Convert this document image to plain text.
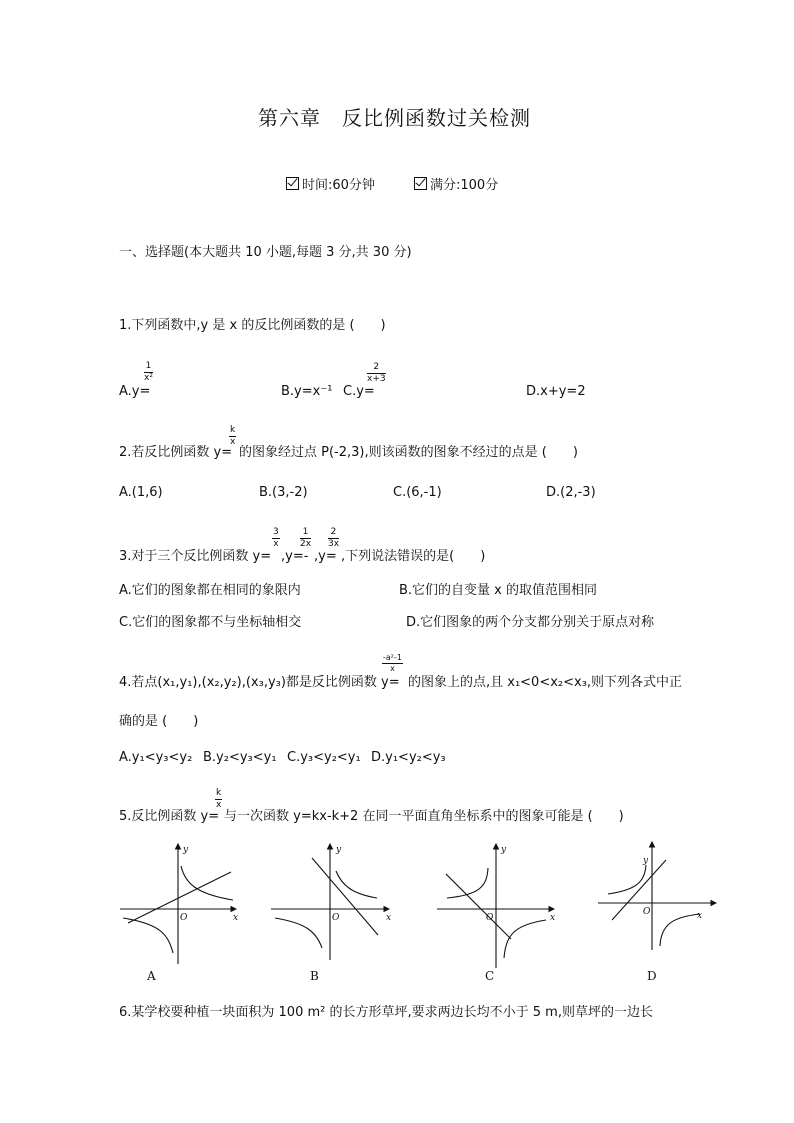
第六章　反比例函数过关检测
时间:60分钟	满分:100分
一、选择题(本大题共 10 小题,每题 3 分,共 30 分)
1.下列函数中,y 是 x 的反比例函数的是 (　　)
A.y=
$\frac{1}{\text{x²}}$
B.y=x⁻¹ C.y=
$\frac{2}{x+3}$
D.x+y=2
2.若反比例函数 y=
$\frac{k}{x}$
的图象经过点 P(-2,3),则该函数的图象不经过的点是 (　　)
A.(1,6)	B.(3,-2)	C.(6,-1)	D.(2,-3)
3.对于三个反比例函数 y=
$\frac{3}{x}$
,y=-
$\frac{1}{2x}$
,y=
$\frac{2}{3x}$
,下列说法错误的是(　　)
A.它们的图象都在相同的象限内	B.它们的自变量 x 的取值范围相同
C.它们的图象都不与坐标轴相交	D.它们图象的两个分支都分别关于原点对称
4.若点(x₁,y₁),(x₂,y₂),(x₃,y₃)都是反比例函数 y=
$\frac{\text{-a²-1}}{x}$
的图象上的点,且 x₁<0<x₂<x₃,则下列各式中正
确的是 (　　)
A.y₁<y₃<y₂ B.y₂<y₃<y₁ C.y₃<y₂<y₁ D.y₁<y₂<y₃
5.反比例函数 y=
$\frac{k}{x}$
与一次函数 y=kx-k+2 在同一平面直角坐标系中的图象可能是 (　　)
y
x
O
y
x
O
y
x
O
y
x
O
A	B	C	D
6.某学校要种植一块面积为 100 m² 的长方形草坪,要求两边长均不小于 5 m,则草坪的一边长
